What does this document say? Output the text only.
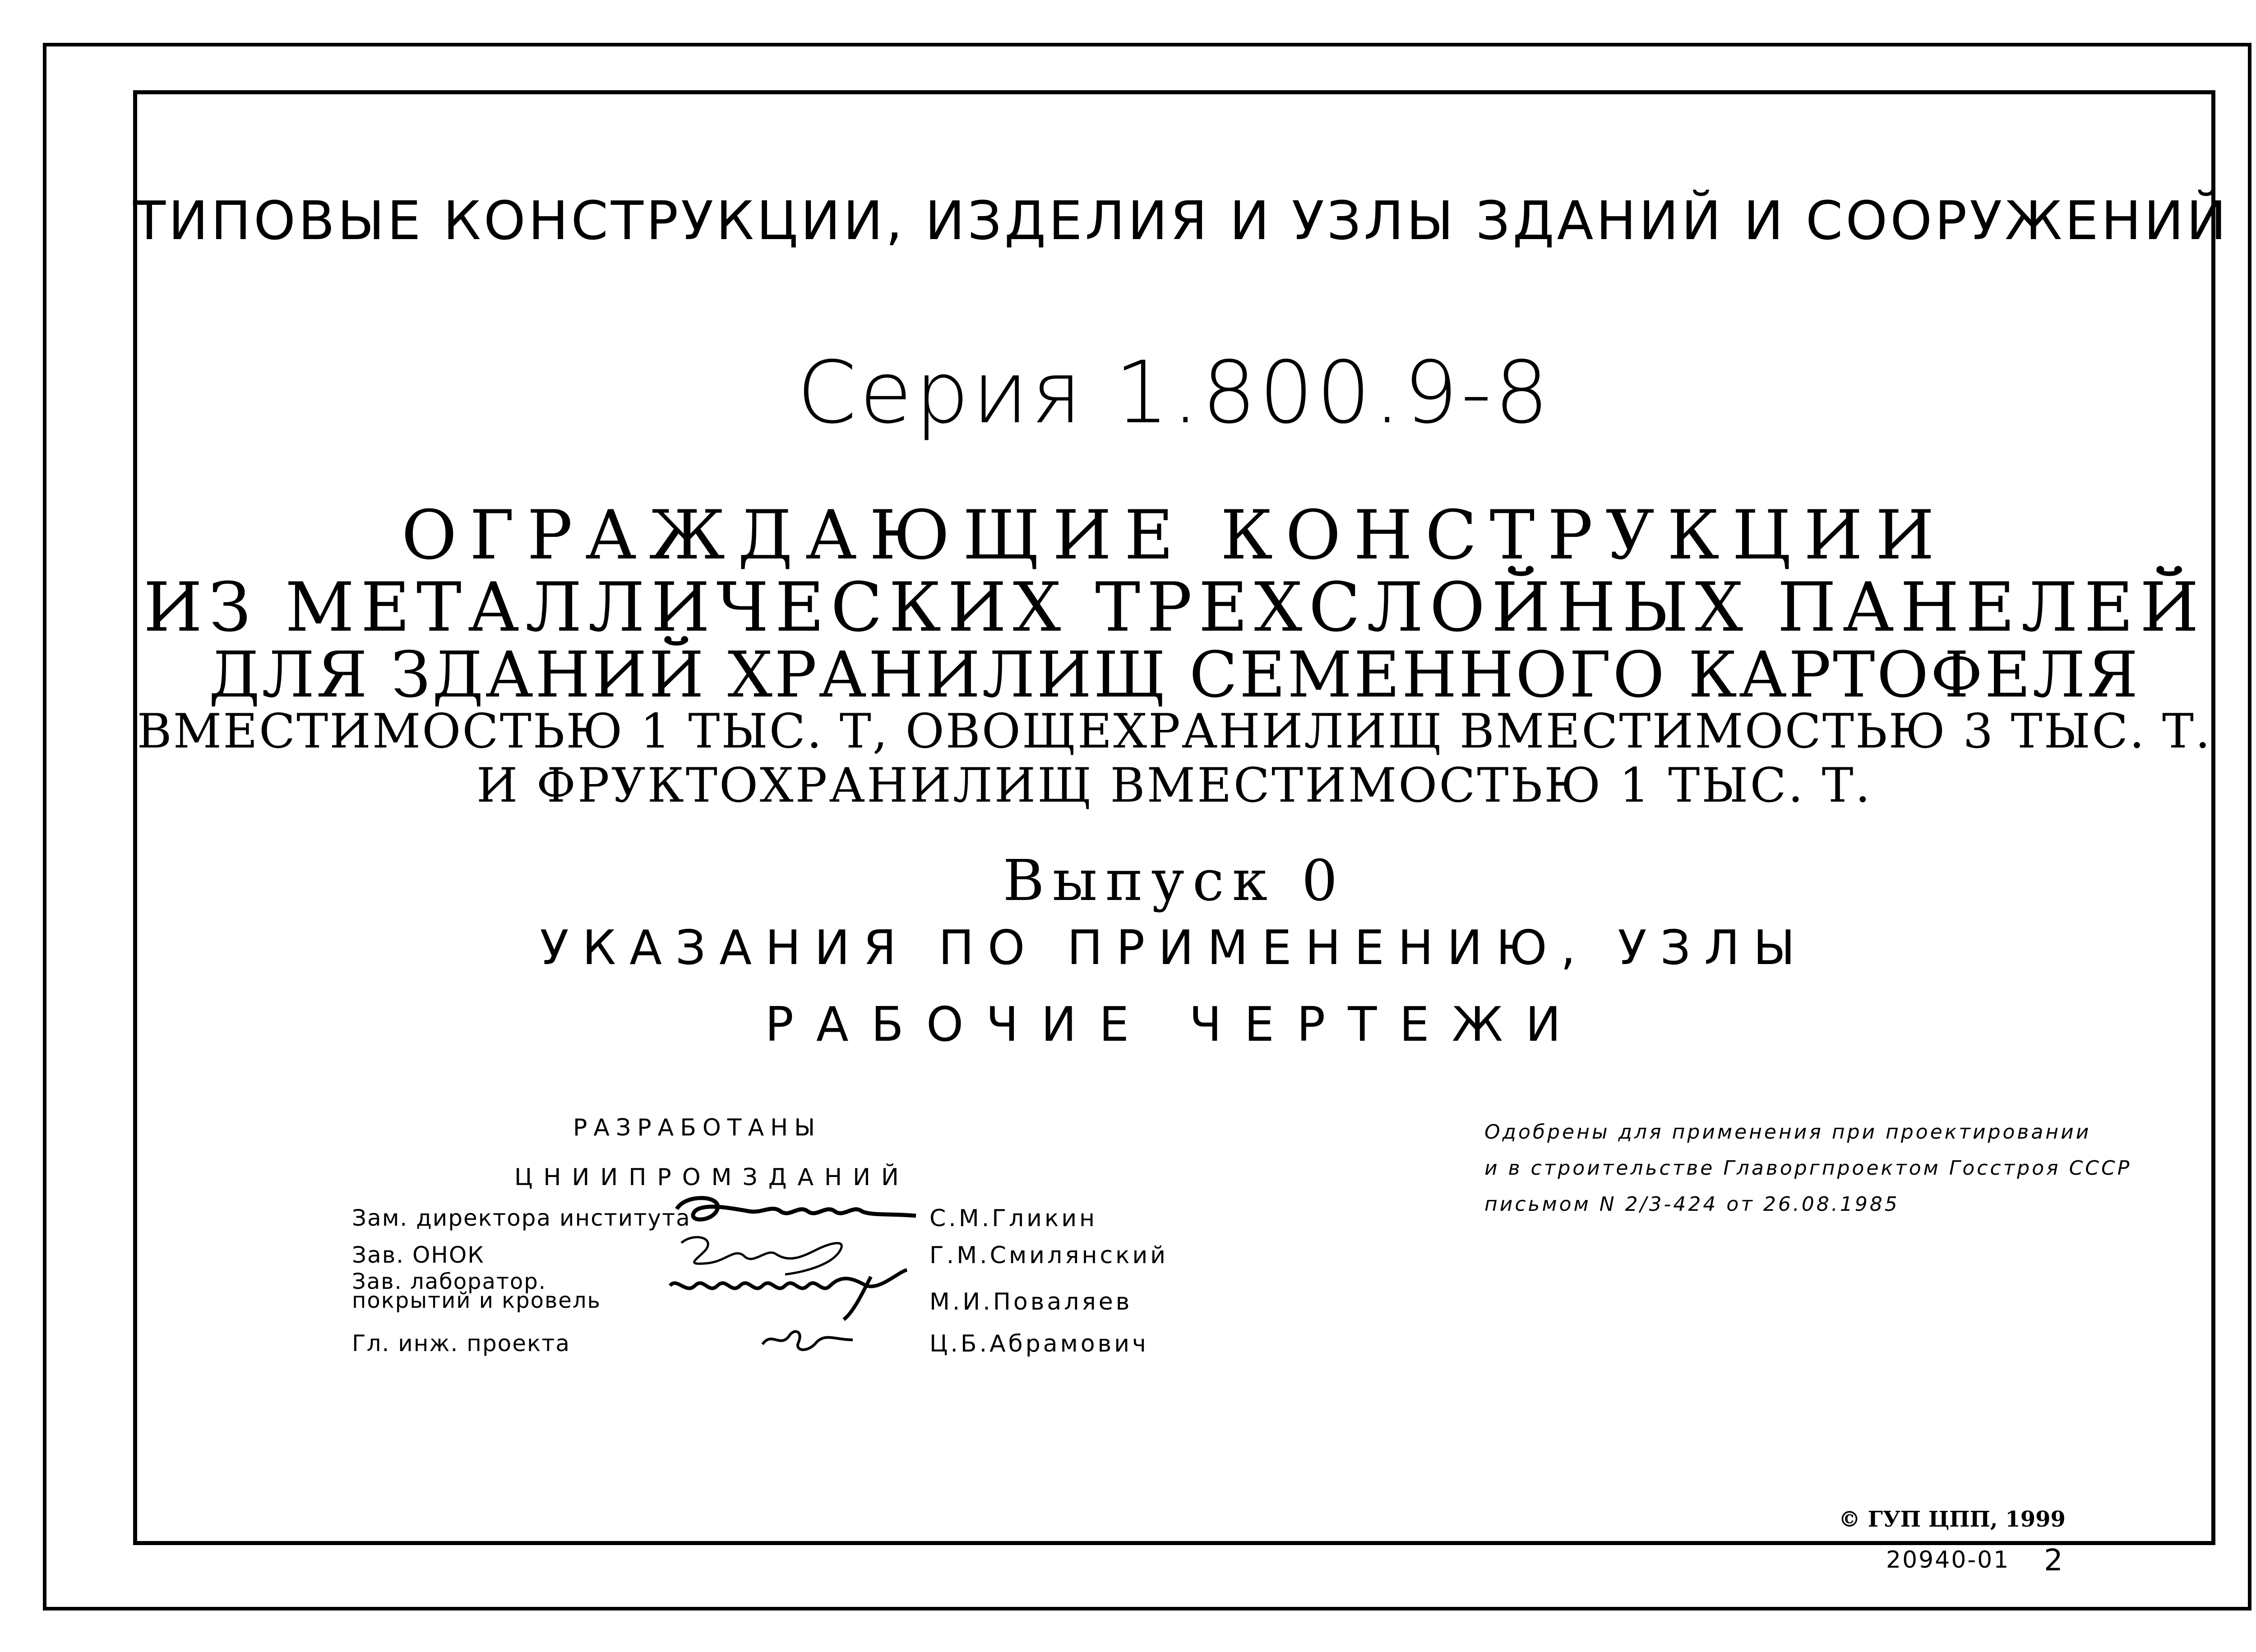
ТИПОВЫЕ КОНСТРУКЦИИ, ИЗДЕЛИЯ И УЗЛЫ ЗДАНИЙ И СООРУЖЕНИЙ
Серия 1.800.9-8
ОГРАЖДАЮЩИЕ КОНСТРУКЦИИ
ИЗ МЕТАЛЛИЧЕСКИХ ТРЕХСЛОЙНЫХ ПАНЕЛЕЙ
ДЛЯ ЗДАНИЙ ХРАНИЛИЩ СЕМЕННОГО КАРТОФЕЛЯ
ВМЕСТИМОСТЬЮ 1 ТЫС. Т, ОВОЩЕХРАНИЛИЩ ВМЕСТИМОСТЬЮ 3 ТЫС. Т.
И ФРУКТОХРАНИЛИЩ ВМЕСТИМОСТЬЮ 1 ТЫС. Т.
Выпуск 0
УКАЗАНИЯ ПО ПРИМЕНЕНИЮ, УЗЛЫ
РАБОЧИЕ ЧЕРТЕЖИ
РАЗРАБОТАНЫ
ЦНИИПРОМЗДАНИЙ
Зам. директора института	С.М.Гликин
Зав. ОНОК	Г.М.Смилянский
Зав. лаборатор. покрытий и кровель	М.И.Поваляев
Гл. инж. проекта	Ц.Б.Абрамович
Одобрены для применения при проектировании
и в строительстве Главоргпроектом Госстроя СССР
письмом N 2/3-424 от 26.08.1985
© ГУП ЦПП, 1999
20940-01 2
